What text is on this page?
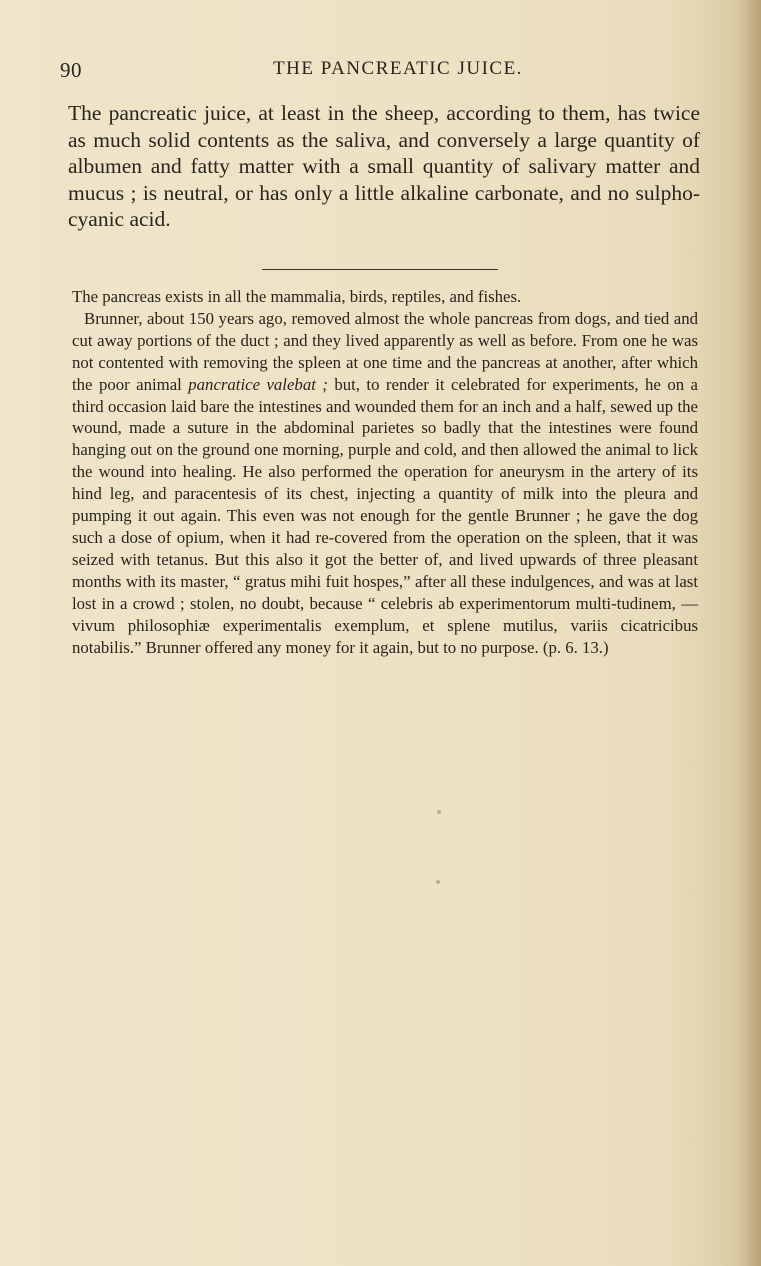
90	THE PANCREATIC JUICE.

The pancreatic juice, at least in the sheep, according to them, has twice as much solid contents as the saliva, and conversely a large quantity of albumen and fatty matter with a small quantity of salivary matter and mucus ; is neutral, or has only a little alkaline carbonate, and no sulpho-cyanic acid.

The pancreas exists in all the mammalia, birds, reptiles, and fishes.

Brunner, about 150 years ago, removed almost the whole pancreas from dogs, and tied and cut away portions of the duct ; and they lived apparently as well as before. From one he was not contented with removing the spleen at one time and the pancreas at another, after which the poor animal pancratice valebat ; but, to render it celebrated for experiments, he on a third occasion laid bare the intestines and wounded them for an inch and a half, sewed up the wound, made a suture in the abdominal parietes so badly that the intestines were found hanging out on the ground one morning, purple and cold, and then allowed the animal to lick the wound into healing. He also performed the operation for aneurysm in the artery of its hind leg, and paracentesis of its chest, injecting a quantity of milk into the pleura and pumping it out again. This even was not enough for the gentle Brunner ; he gave the dog such a dose of opium, when it had re-covered from the operation on the spleen, that it was seized with tetanus. But this also it got the better of, and lived upwards of three pleasant months with its master, “ gratus mihi fuit hospes,” after all these indulgences, and was at last lost in a crowd ; stolen, no doubt, because “ celebris ab experimentorum multi-tudinem, — vivum philosophiæ experimentalis exemplum, et splene mutilus, variis cicatricibus notabilis.” Brunner offered any money for it again, but to no purpose. (p. 6. 13.)
